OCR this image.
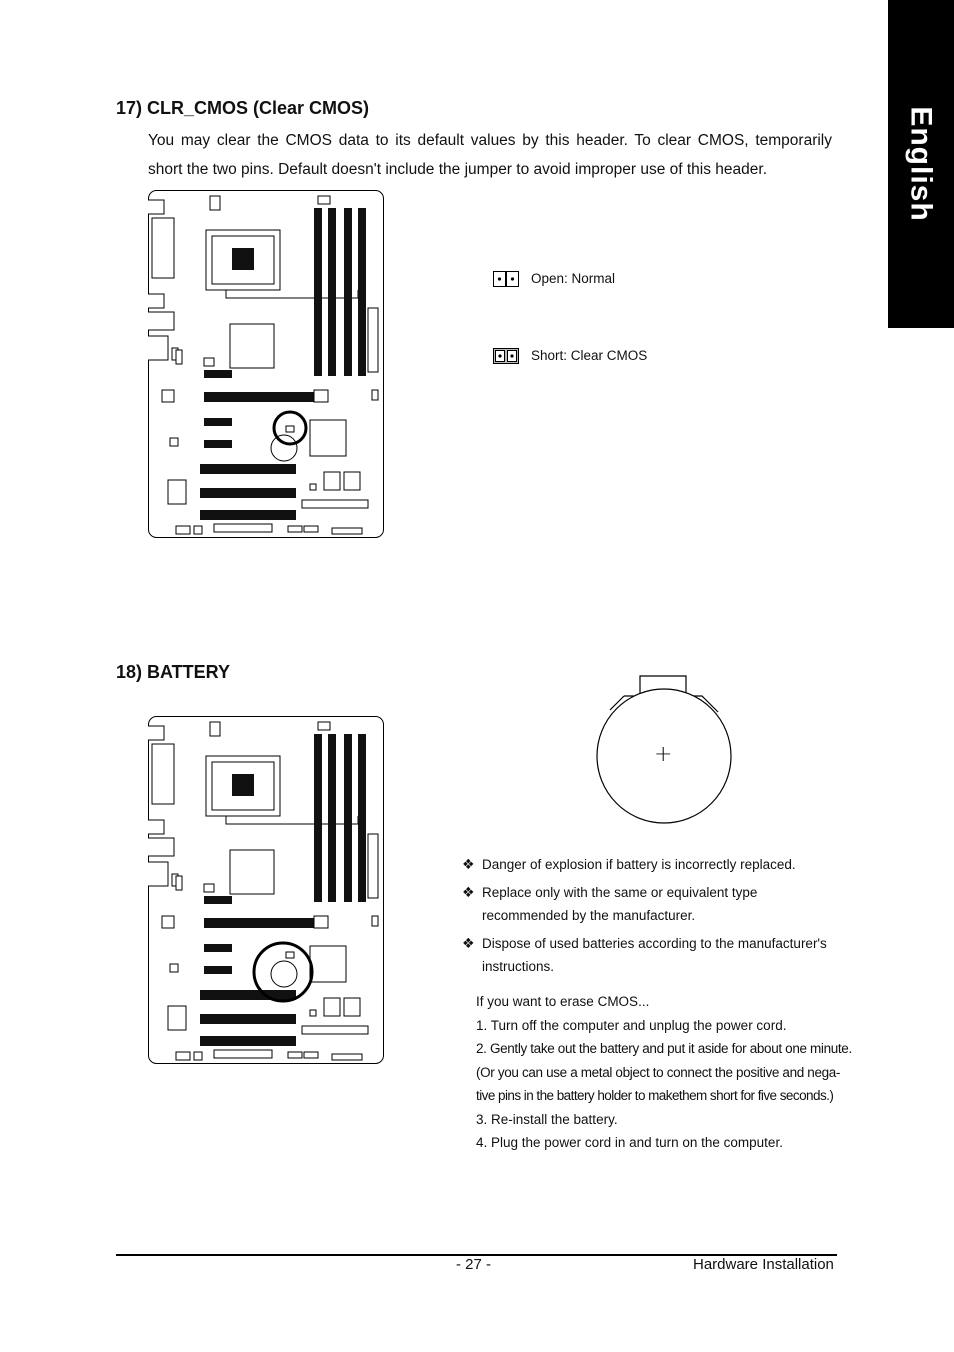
English
17) CLR_CMOS (Clear CMOS)
You may clear the CMOS data to its default values by this header. To clear CMOS, temporarily short the two pins. Default doesn't include the jumper to avoid improper use of this header.
Open: Normal
Short: Clear CMOS
18) BATTERY
+
❖ Danger of explosion if battery is incorrectly replaced.
❖ Replace only with the same or equivalent type recommended by the manufacturer.
❖ Dispose of used batteries according to the manufacturer's instructions.
If you want to erase CMOS...
1. Turn off the computer and unplug the power cord.
2. Gently take out the battery and put it aside for about one minute.
(Or you can use a metal object to connect the positive and nega-
tive pins in the battery holder to makethem short for five seconds.)
3. Re-install the battery.
4. Plug the power cord in and turn on the computer.
- 27 -	Hardware Installation
